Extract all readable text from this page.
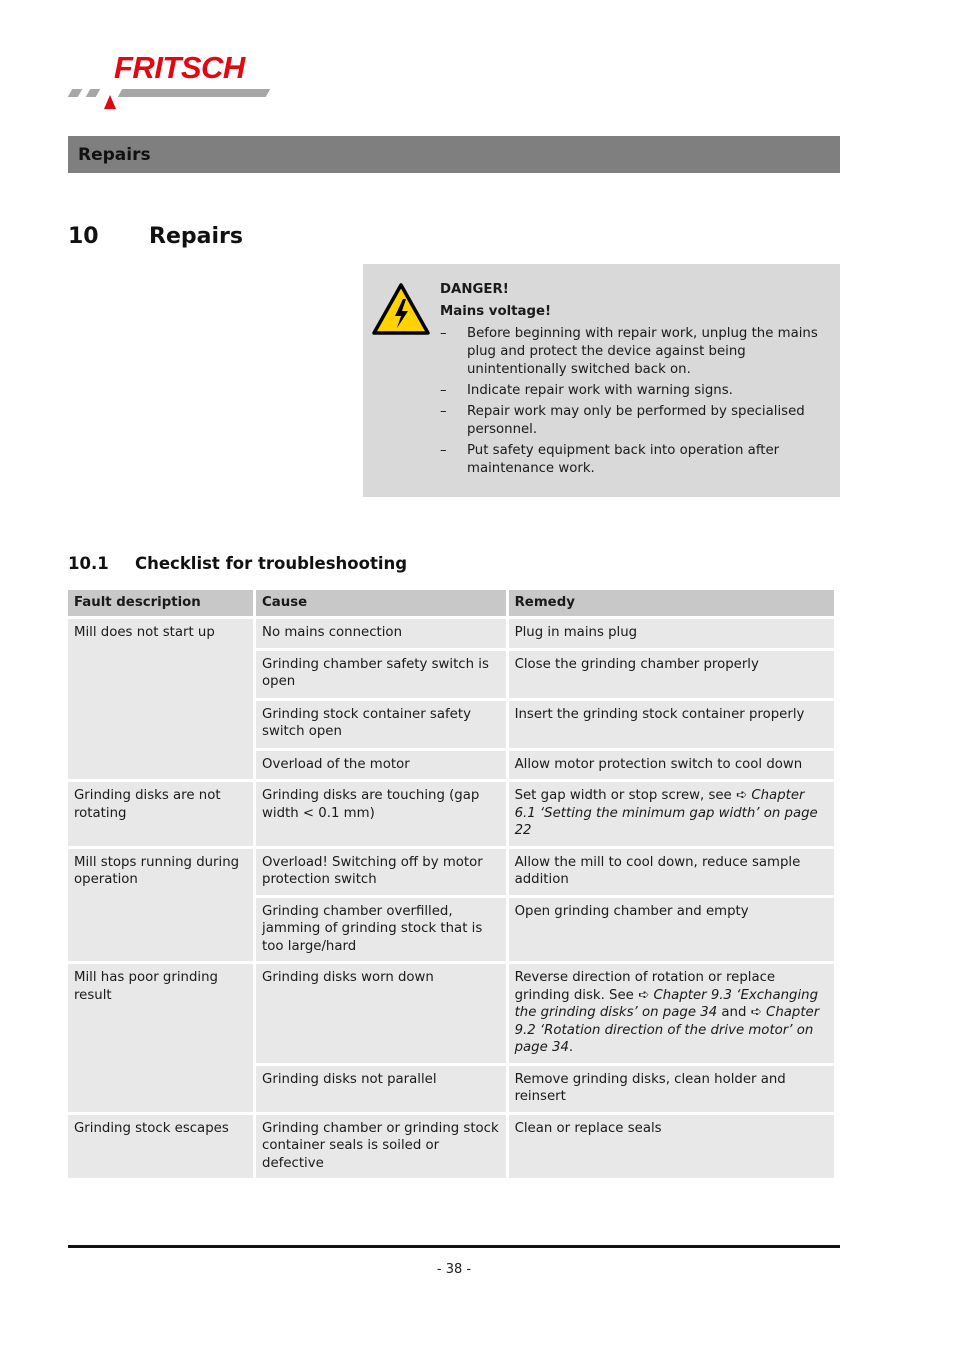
FRITSCH
Repairs
10 Repairs
DANGER!
Mains voltage!
– Before beginning with repair work, unplug the mains plug and protect the device against being unintentionally switched back on.
– Indicate repair work with warning signs.
– Repair work may only be performed by specialised personnel.
– Put safety equipment back into operation after maintenance work.
10.1 Checklist for troubleshooting
Fault description	Cause	Remedy
Mill does not start up	No mains connection	Plug in mains plug
	Grinding chamber safety switch is open	Close the grinding chamber properly
	Grinding stock container safety switch open	Insert the grinding stock container properly
	Overload of the motor	Allow motor protection switch to cool down
Grinding disks are not rotating	Grinding disks are touching (gap width < 0.1 mm)	Set gap width or stop screw, see ➪ Chapter 6.1 ‘Setting the minimum gap width’ on page 22
Mill stops running during operation	Overload! Switching off by motor protection switch	Allow the mill to cool down, reduce sample addition
	Grinding chamber overfilled, jamming of grinding stock that is too large/hard	Open grinding chamber and empty
Mill has poor grinding result	Grinding disks worn down	Reverse direction of rotation or replace grinding disk. See ➪ Chapter 9.3 ‘Exchanging the grinding disks’ on page 34 and ➪ Chapter 9.2 ‘Rotation direction of the drive motor’ on page 34.
	Grinding disks not parallel	Remove grinding disks, clean holder and reinsert
Grinding stock escapes	Grinding chamber or grinding stock container seals is soiled or defective	Clean or replace seals
- 38 -
